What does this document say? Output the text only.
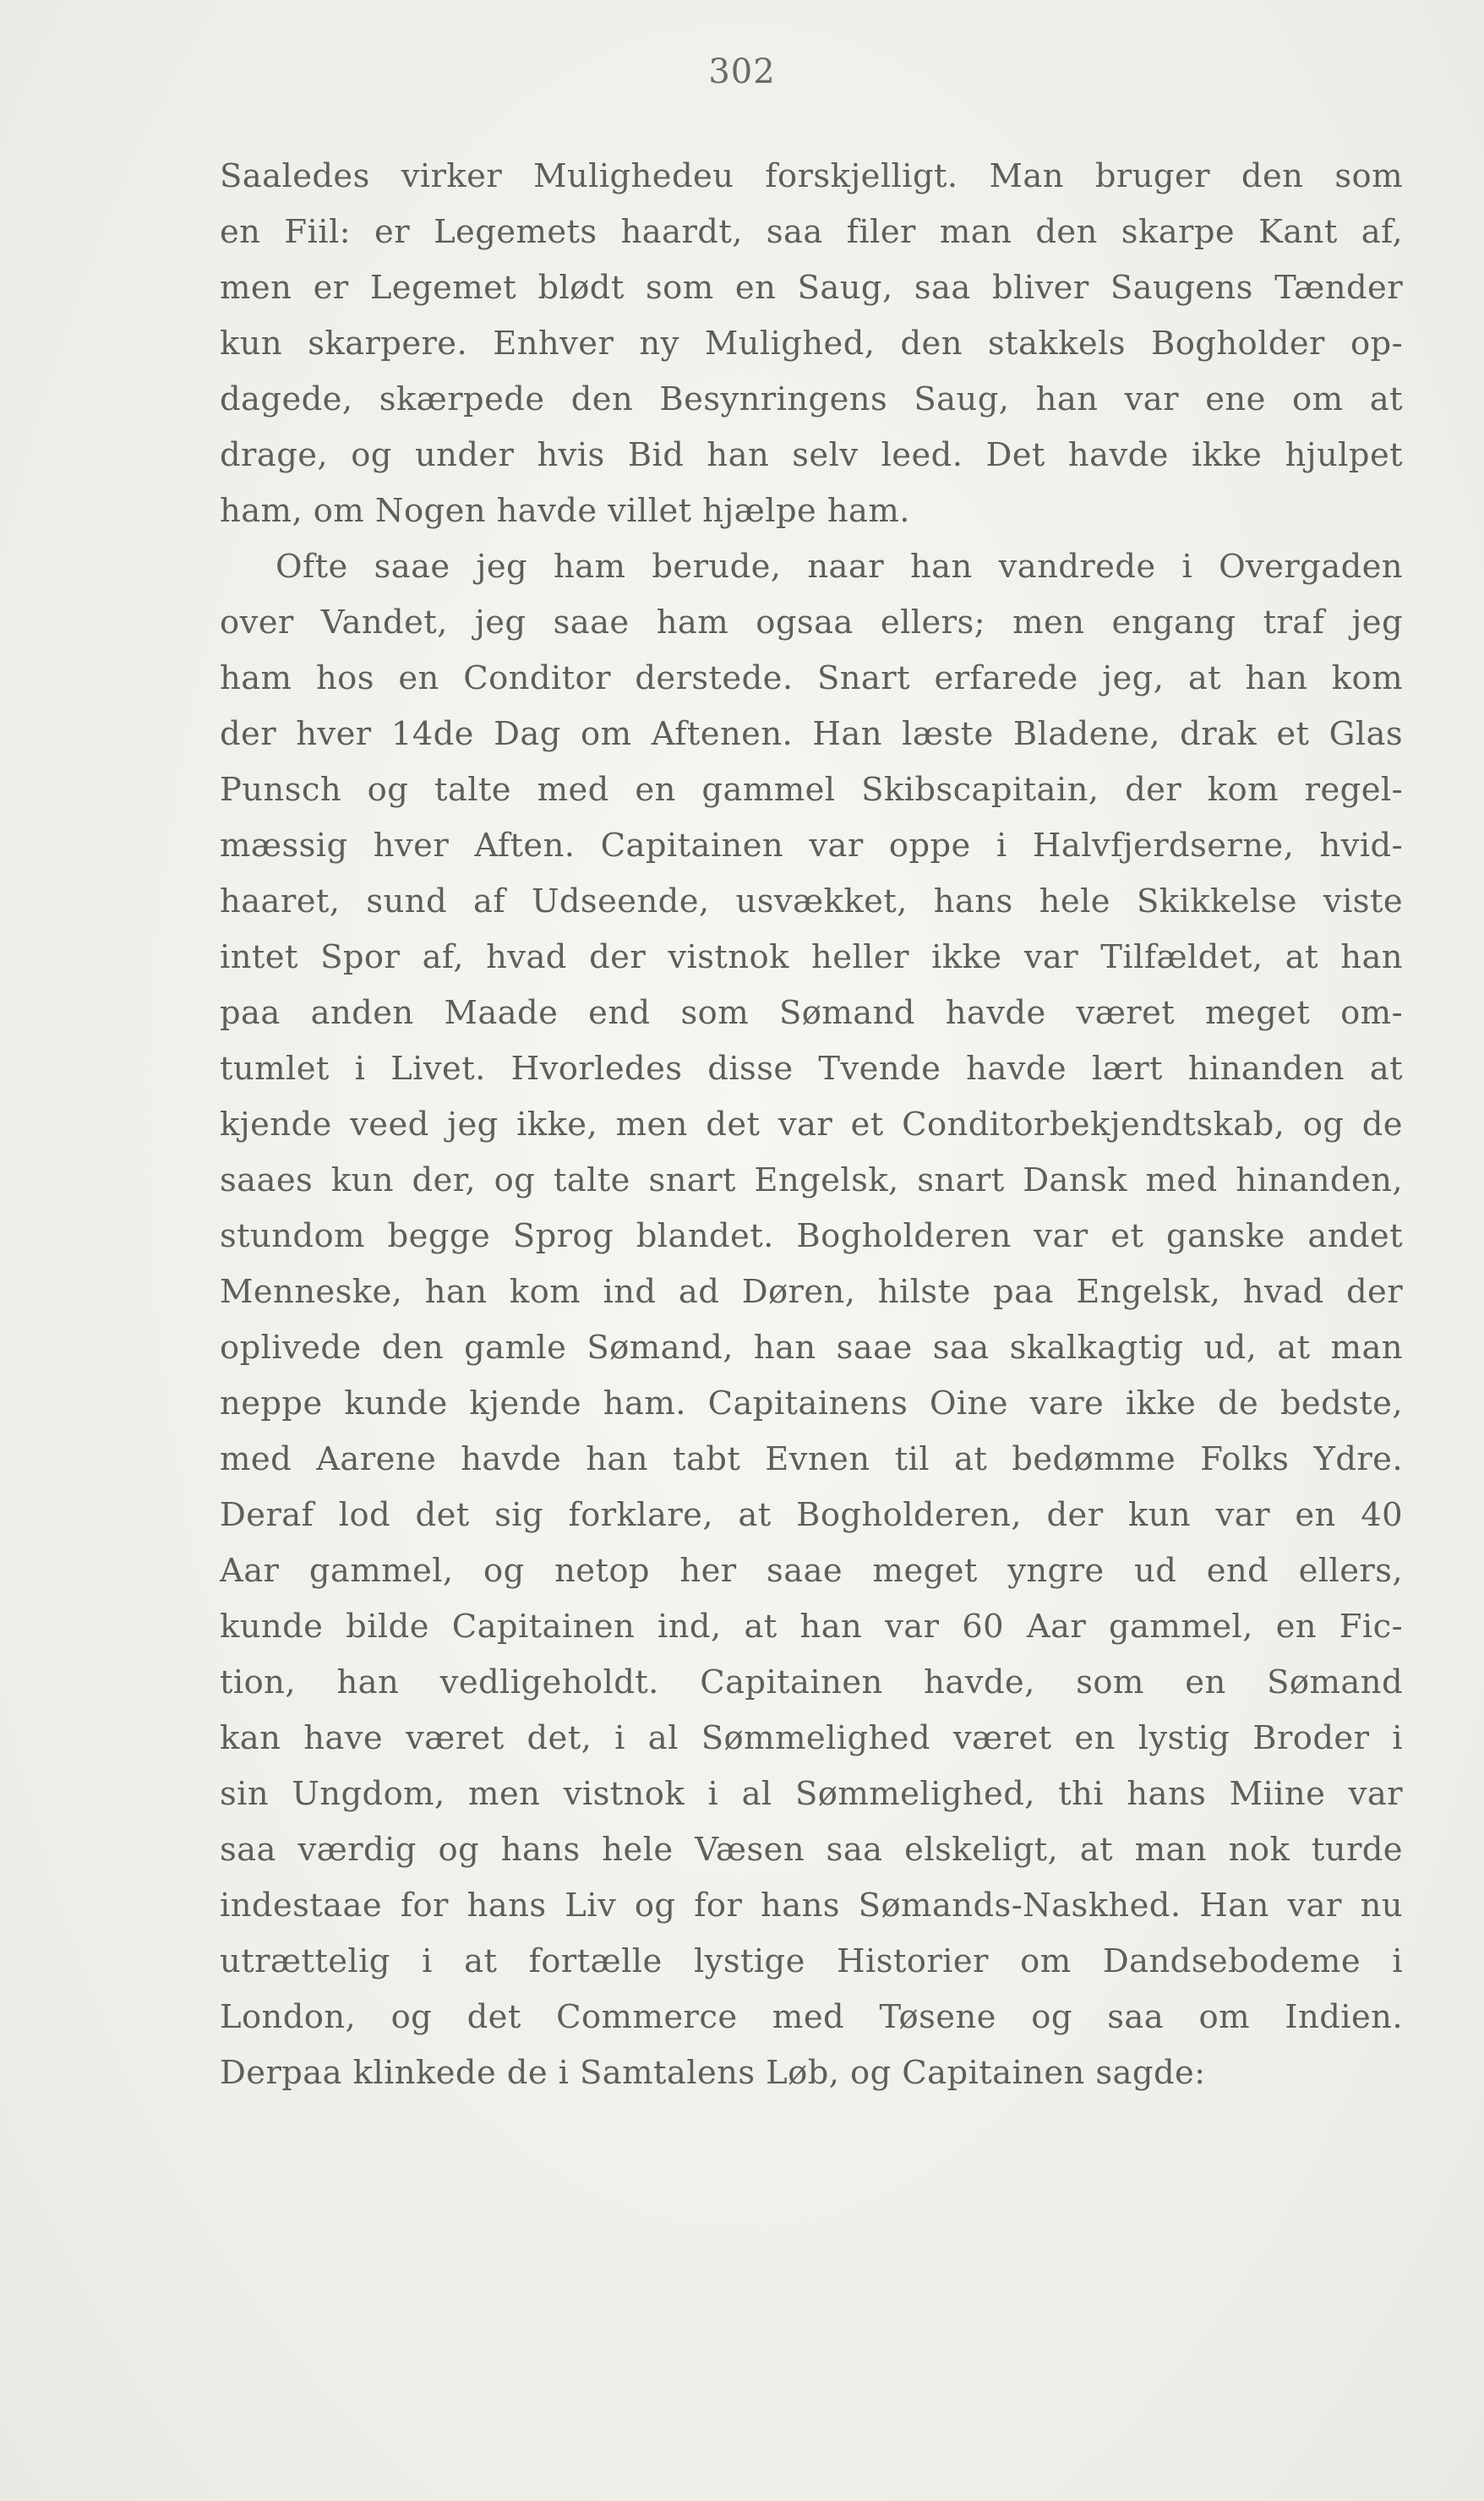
302
Saaledes virker Mulighedeu forskjelligt. Man bruger den som
en Fiil: er Legemets haardt, saa filer man den skarpe Kant af,
men er Legemet blødt som en Saug, saa bliver Saugens Tænder
kun skarpere. Enhver ny Mulighed, den stakkels Bogholder op-
dagede, skærpede den Besynringens Saug, han var ene om at
drage, og under hvis Bid han selv leed. Det havde ikke hjulpet
ham, om Nogen havde villet hjælpe ham.
Ofte saae jeg ham berude, naar han vandrede i Overgaden
over Vandet, jeg saae ham ogsaa ellers; men engang traf jeg
ham hos en Conditor derstede. Snart erfarede jeg, at han kom
der hver 14de Dag om Aftenen. Han læste Bladene, drak et Glas
Punsch og talte med en gammel Skibscapitain, der kom regel-
mæssig hver Aften. Capitainen var oppe i Halvfjerdserne, hvid-
haaret, sund af Udseende, usvækket, hans hele Skikkelse viste
intet Spor af, hvad der vistnok heller ikke var Tilfældet, at han
paa anden Maade end som Sømand havde været meget om-
tumlet i Livet. Hvorledes disse Tvende havde lært hinanden at
kjende veed jeg ikke, men det var et Conditorbekjendtskab, og de
saaes kun der, og talte snart Engelsk, snart Dansk med hinanden,
stundom begge Sprog blandet. Bogholderen var et ganske andet
Menneske, han kom ind ad Døren, hilste paa Engelsk, hvad der
oplivede den gamle Sømand, han saae saa skalkagtig ud, at man
neppe kunde kjende ham. Capitainens Oine vare ikke de bedste,
med Aarene havde han tabt Evnen til at bedømme Folks Ydre.
Deraf lod det sig forklare, at Bogholderen, der kun var en 40
Aar gammel, og netop her saae meget yngre ud end ellers,
kunde bilde Capitainen ind, at han var 60 Aar gammel, en Fic-
tion, han vedligeholdt. Capitainen havde, som en Sømand
kan have været det, i al Sømmelighed været en lystig Broder i
sin Ungdom, men vistnok i al Sømmelighed, thi hans Miine var
saa værdig og hans hele Væsen saa elskeligt, at man nok turde
indestaae for hans Liv og for hans Sømands-Naskhed. Han var nu
utrættelig i at fortælle lystige Historier om Dandsebodeme i
London, og det Commerce med Tøsene og saa om Indien.
Derpaa klinkede de i Samtalens Løb, og Capitainen sagde:
